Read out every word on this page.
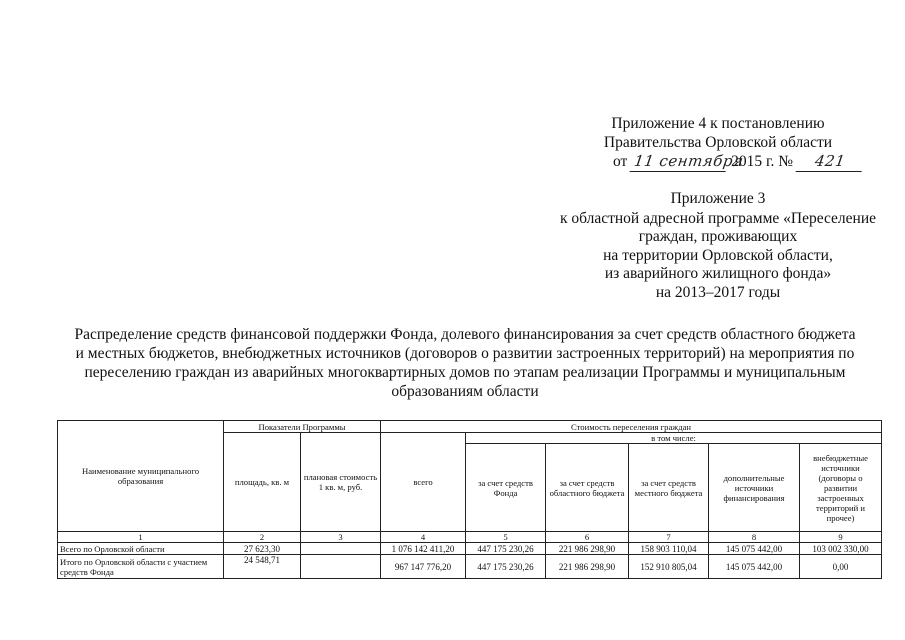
Приложение 4 к постановлению
Правительства Орловской области
от 11 сентября 2015 г. № 421
Приложение 3
к областной адресной программе «Переселение
граждан, проживающих
на территории Орловской области,
из аварийного жилищного фонда»
на 2013–2017 годы
Распределение средств финансовой поддержки Фонда, долевого финансирования за счет средств областного бюджета
и местных бюджетов, внебюджетных источников (договоров о развитии застроенных территорий) на мероприятия по
переселению граждан из аварийных многоквартирных домов по этапам реализации Программы и муниципальным
образованиям области
Наименование муниципального образования	Показатели Программы		Стоимость переселения граждан					
	площадь, кв. м	плановая стоимость 1 кв. м, руб.	всего	в том числе:				
				за счет средств Фонда	за счет средств областного бюджета	за счет средств местного бюджета	дополнительные источники финансирования	внебюджетные источники (договоры о развитии застроенных территорий и прочее)
1	2	3	4	5	6	7	8	9
Всего по Орловской области	27 623,30		1 076 142 411,20	447 175 230,26	221 986 298,90	158 903 110,04	145 075 442,00	103 002 330,00
Итого по Орловской области с участием средств Фонда	24 548,71		967 147 776,20	447 175 230,26	221 986 298,90	152 910 805,04	145 075 442,00	0,00
